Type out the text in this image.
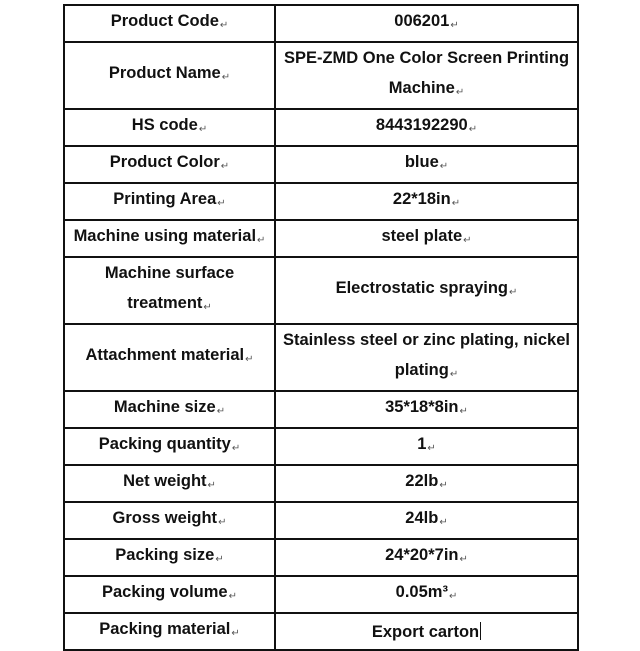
Product Code↵	006201↵
Product Name↵	SPE-ZMD One Color Screen Printing Machine↵
HS code↵	8443192290↵
Product Color↵	blue↵
Printing Area↵	22*18in↵
Machine using material↵	steel plate↵
Machine surface treatment↵	Electrostatic spraying↵
Attachment material↵	Stainless steel or zinc plating, nickel plating↵
Machine size↵	35*18*8in↵
Packing quantity↵	1↵
Net weight↵	22lb↵
Gross weight↵	24lb↵
Packing size↵	24*20*7in↵
Packing volume↵	0.05m³↵
Packing material↵	Export carton
